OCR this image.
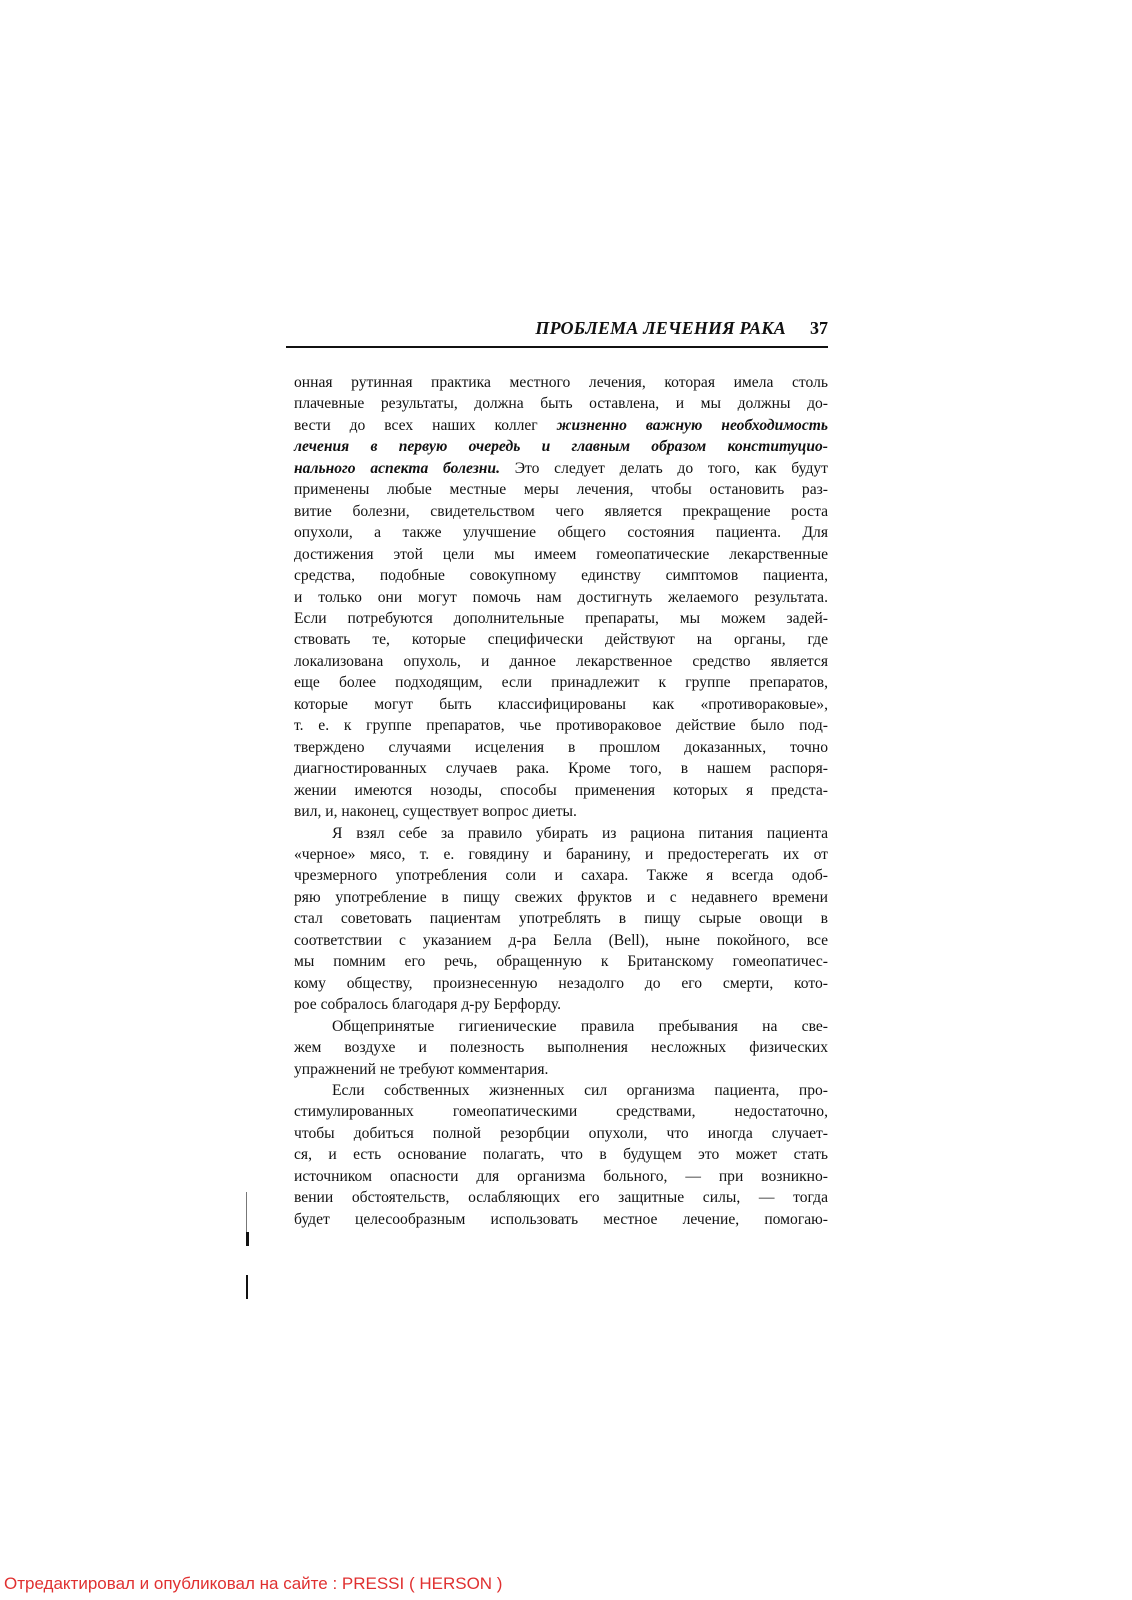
ПРОБЛЕМА ЛЕЧЕНИЯ РАКА 37
онная рутинная практика местного лечения, которая имела столь
плачевные результаты, должна быть оставлена, и мы должны до-
вести до всех наших коллег жизненно важную необходимость
лечения в первую очередь и главным образом конституцио-
нального аспекта болезни. Это следует делать до того, как будут
применены любые местные меры лечения, чтобы остановить раз-
витие болезни, свидетельством чего является прекращение роста
опухоли, а также улучшение общего состояния пациента. Для
достижения этой цели мы имеем гомеопатические лекарственные
средства, подобные совокупному единству симптомов пациента,
и только они могут помочь нам достигнуть желаемого результата.
Если потребуются дополнительные препараты, мы можем задей-
ствовать те, которые специфически действуют на органы, где
локализована опухоль, и данное лекарственное средство является
еще более подходящим, если принадлежит к группе препаратов,
которые могут быть классифицированы как «противораковые»,
т. е. к группе препаратов, чье противораковое действие было под-
тверждено случаями исцеления в прошлом доказанных, точно
диагностированных случаев рака. Кроме того, в нашем распоря-
жении имеются нозоды, способы применения которых я предста-
вил, и, наконец, существует вопрос диеты.
Я взял себе за правило убирать из рациона питания пациента
«черное» мясо, т. е. говядину и баранину, и предостерегать их от
чрезмерного употребления соли и сахара. Также я всегда одоб-
ряю употребление в пищу свежих фруктов и с недавнего времени
стал советовать пациентам употреблять в пищу сырые овощи в
соответствии с указанием д-ра Белла (Bell), ныне покойного, все
мы помним его речь, обращенную к Британскому гомеопатичес-
кому обществу, произнесенную незадолго до его смерти, кото-
рое собралось благодаря д-ру Берфорду.
Общепринятые гигиенические правила пребывания на све-
жем воздухе и полезность выполнения несложных физических
упражнений не требуют комментария.
Если собственных жизненных сил организма пациента, про-
стимулированных гомеопатическими средствами, недостаточно,
чтобы добиться полной резорбции опухоли, что иногда случает-
ся, и есть основание полагать, что в будущем это может стать
источником опасности для организма больного, — при возникно-
вении обстоятельств, ослабляющих его защитные силы, — тогда
будет целесообразным использовать местное лечение, помогаю-
Отредактировал и опубликовал на сайте : PRESSI ( HERSON )
